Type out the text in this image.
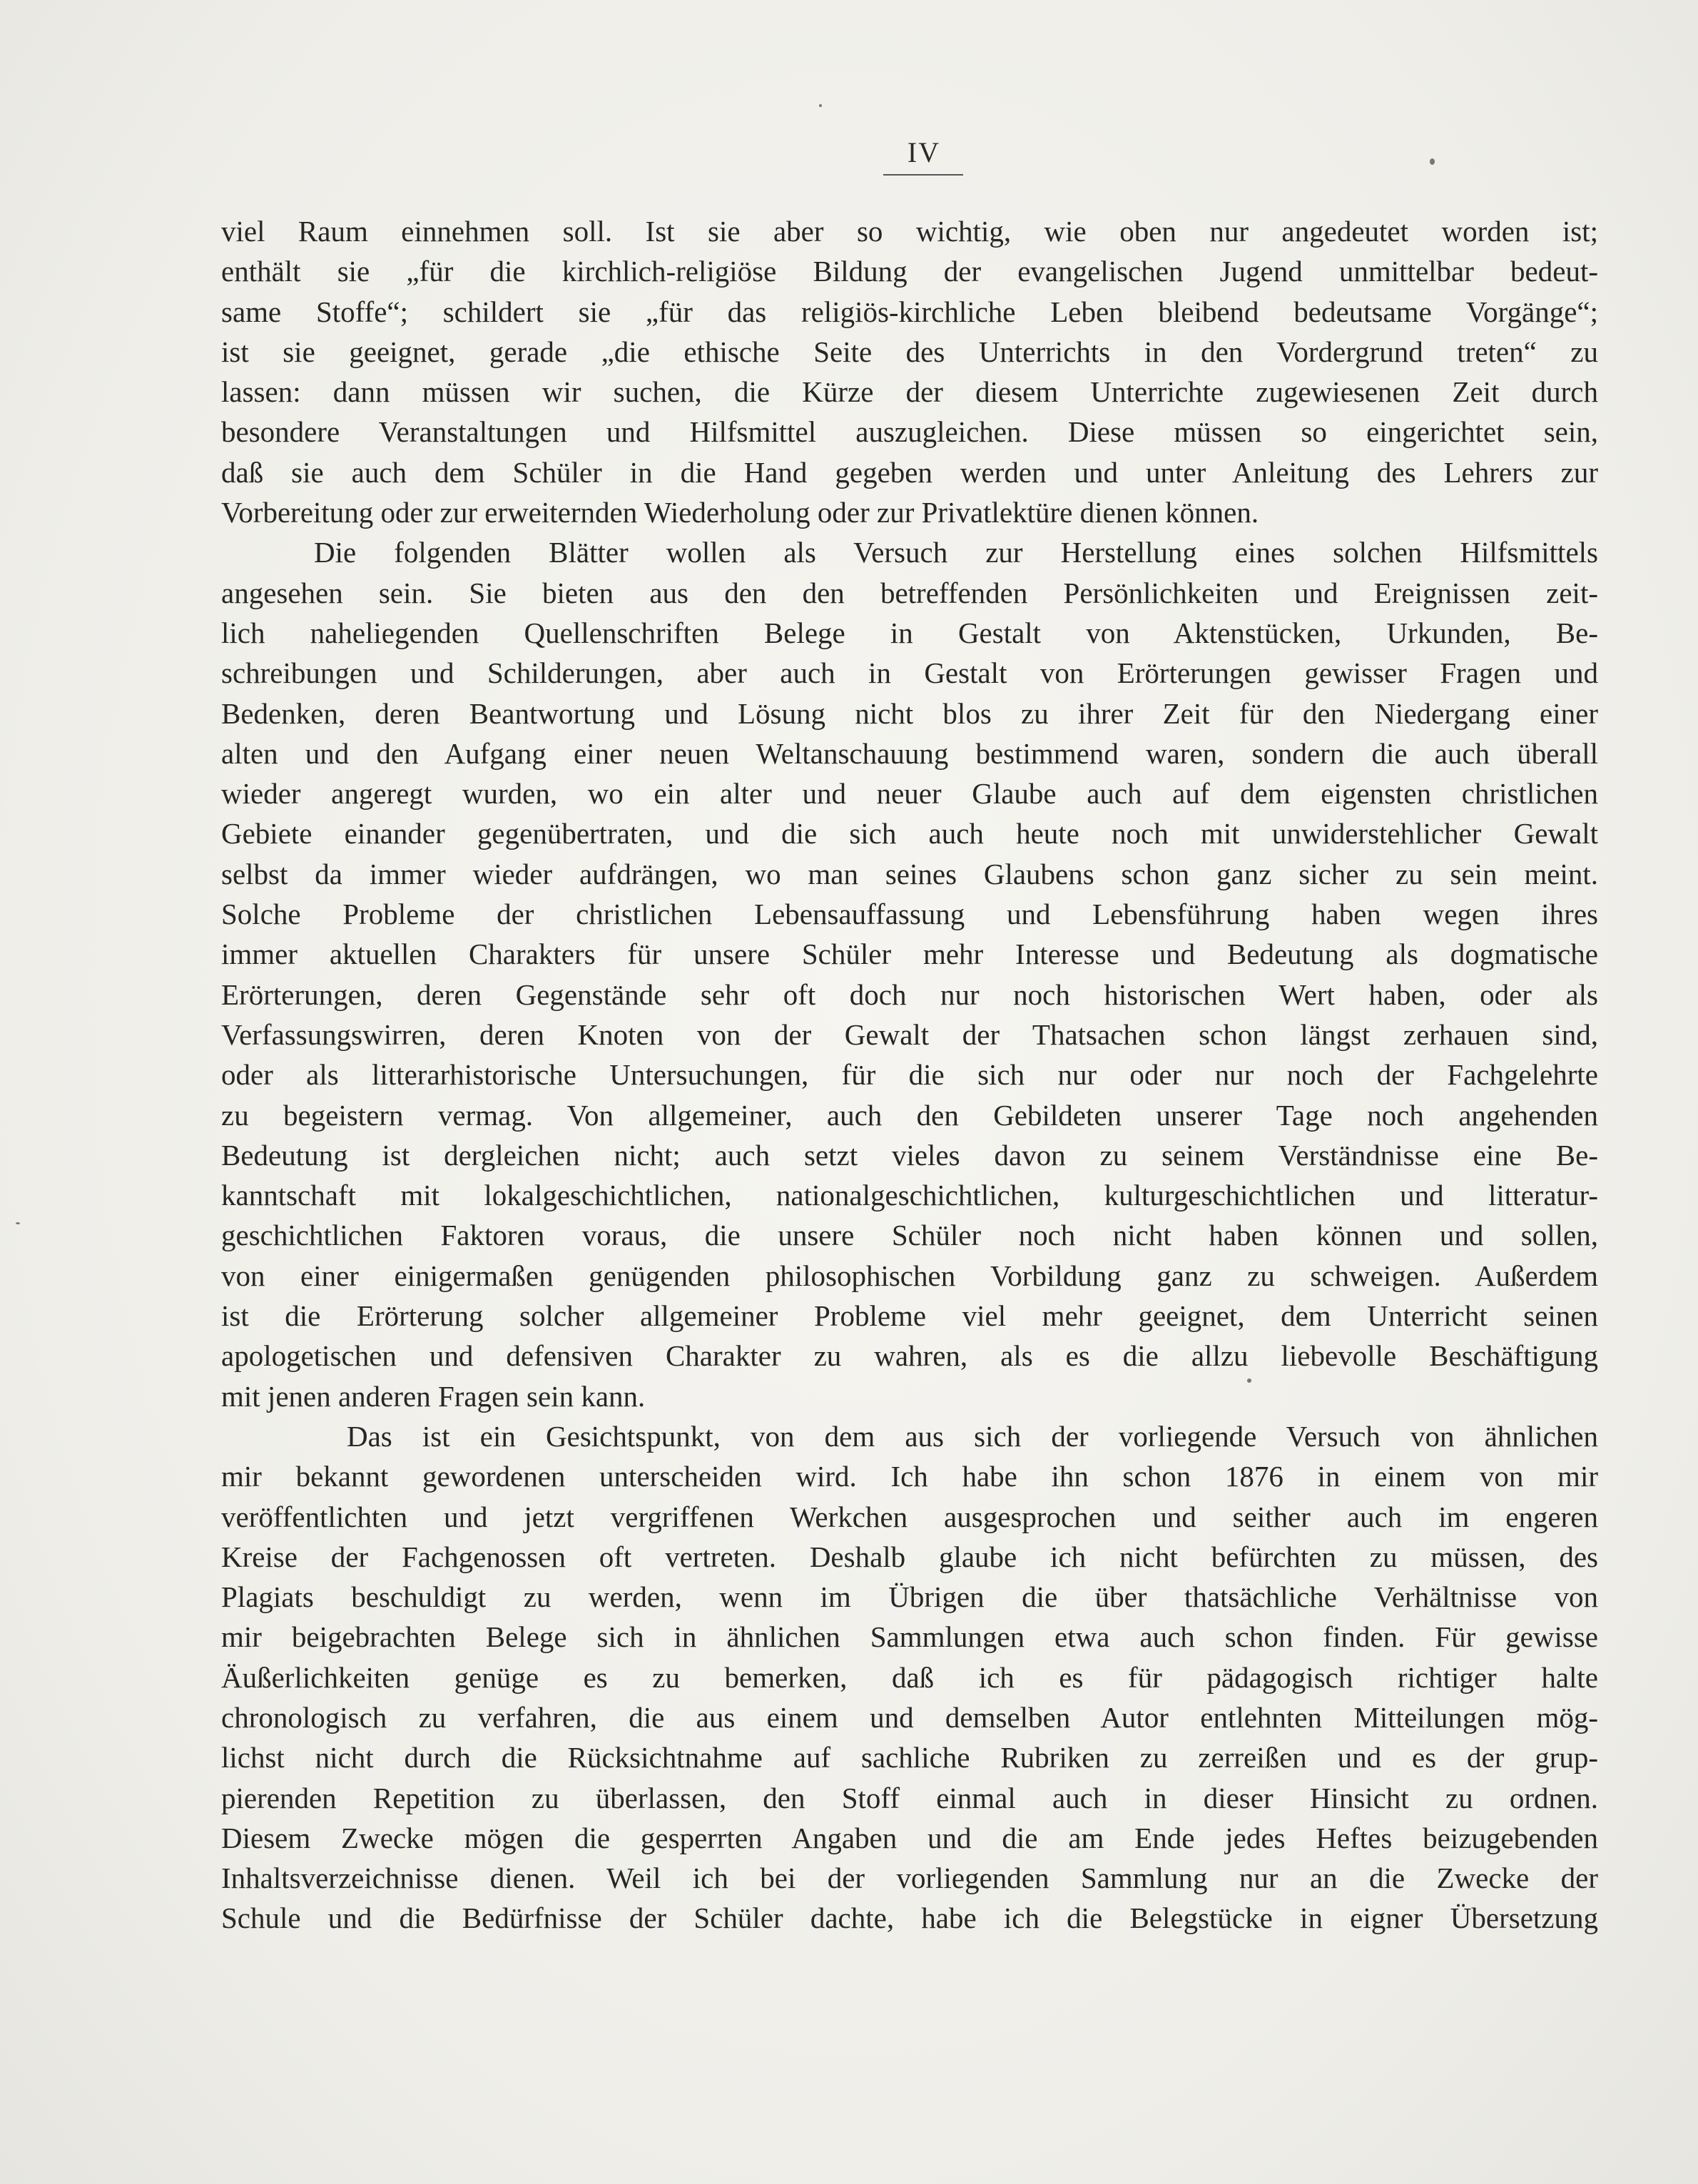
IV
viel Raum einnehmen soll. Ist sie aber so wichtig, wie oben nur angedeutet worden ist;
enthält sie „für die kirchlich-religiöse Bildung der evangelischen Jugend unmittelbar bedeut-
same Stoffe“; schildert sie „für das religiös-kirchliche Leben bleibend bedeutsame Vorgänge“;
ist sie geeignet, gerade „die ethische Seite des Unterrichts in den Vordergrund treten“ zu
lassen: dann müssen wir suchen, die Kürze der diesem Unterrichte zugewiesenen Zeit durch
besondere Veranstaltungen und Hilfsmittel auszugleichen. Diese müssen so eingerichtet sein,
daß sie auch dem Schüler in die Hand gegeben werden und unter Anleitung des Lehrers zur
Vorbereitung oder zur erweiternden Wiederholung oder zur Privatlektüre dienen können.
Die folgenden Blätter wollen als Versuch zur Herstellung eines solchen Hilfsmittels
angesehen sein. Sie bieten aus den den betreffenden Persönlichkeiten und Ereignissen zeit-
lich naheliegenden Quellenschriften Belege in Gestalt von Aktenstücken, Urkunden, Be-
schreibungen und Schilderungen, aber auch in Gestalt von Erörterungen gewisser Fragen und
Bedenken, deren Beantwortung und Lösung nicht blos zu ihrer Zeit für den Niedergang einer
alten und den Aufgang einer neuen Weltanschauung bestimmend waren, sondern die auch überall
wieder angeregt wurden, wo ein alter und neuer Glaube auch auf dem eigensten christlichen
Gebiete einander gegenübertraten, und die sich auch heute noch mit unwiderstehlicher Gewalt
selbst da immer wieder aufdrängen, wo man seines Glaubens schon ganz sicher zu sein meint.
Solche Probleme der christlichen Lebensauffassung und Lebensführung haben wegen ihres
immer aktuellen Charakters für unsere Schüler mehr Interesse und Bedeutung als dogmatische
Erörterungen, deren Gegenstände sehr oft doch nur noch historischen Wert haben, oder als
Verfassungswirren, deren Knoten von der Gewalt der Thatsachen schon längst zerhauen sind,
oder als litterarhistorische Untersuchungen, für die sich nur oder nur noch der Fachgelehrte
zu begeistern vermag. Von allgemeiner, auch den Gebildeten unserer Tage noch angehenden
Bedeutung ist dergleichen nicht; auch setzt vieles davon zu seinem Verständnisse eine Be-
kanntschaft mit lokalgeschichtlichen, nationalgeschichtlichen, kulturgeschichtlichen und litteratur-
geschichtlichen Faktoren voraus, die unsere Schüler noch nicht haben können und sollen,
von einer einigermaßen genügenden philosophischen Vorbildung ganz zu schweigen. Außerdem
ist die Erörterung solcher allgemeiner Probleme viel mehr geeignet, dem Unterricht seinen
apologetischen und defensiven Charakter zu wahren, als es die allzu liebevolle Beschäftigung
mit jenen anderen Fragen sein kann.
Das ist ein Gesichtspunkt, von dem aus sich der vorliegende Versuch von ähnlichen
mir bekannt gewordenen unterscheiden wird. Ich habe ihn schon 1876 in einem von mir
veröffentlichten und jetzt vergriffenen Werkchen ausgesprochen und seither auch im engeren
Kreise der Fachgenossen oft vertreten. Deshalb glaube ich nicht befürchten zu müssen, des
Plagiats beschuldigt zu werden, wenn im Übrigen die über thatsächliche Verhältnisse von
mir beigebrachten Belege sich in ähnlichen Sammlungen etwa auch schon finden. Für gewisse
Äußerlichkeiten genüge es zu bemerken, daß ich es für pädagogisch richtiger halte
chronologisch zu verfahren, die aus einem und demselben Autor entlehnten Mitteilungen mög-
lichst nicht durch die Rücksichtnahme auf sachliche Rubriken zu zerreißen und es der grup-
pierenden Repetition zu überlassen, den Stoff einmal auch in dieser Hinsicht zu ordnen.
Diesem Zwecke mögen die gesperrten Angaben und die am Ende jedes Heftes beizugebenden
Inhaltsverzeichnisse dienen. Weil ich bei der vorliegenden Sammlung nur an die Zwecke der
Schule und die Bedürfnisse der Schüler dachte, habe ich die Belegstücke in eigner Übersetzung
